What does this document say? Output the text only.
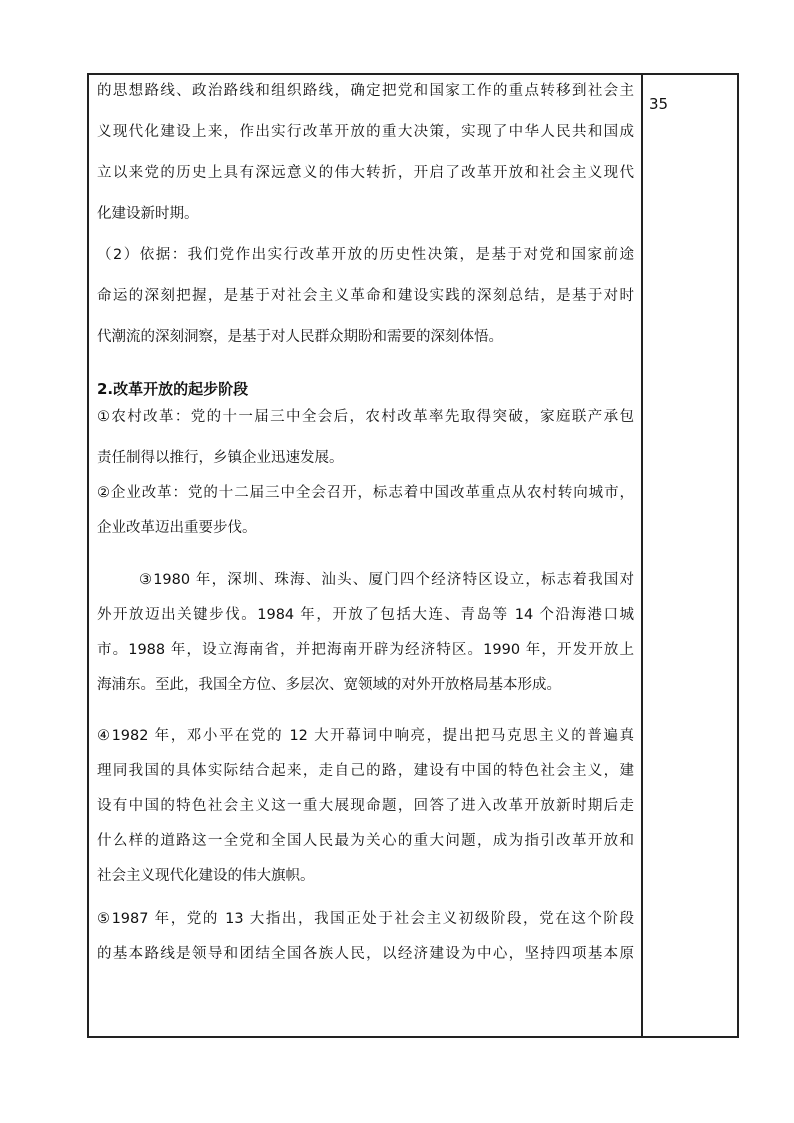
的思想路线、政治路线和组织路线，确定把党和国家工作的重点转移到社会主
义现代化建设上来，作出实行改革开放的重大决策，实现了中华人民共和国成
立以来党的历史上具有深远意义的伟大转折，开启了改革开放和社会主义现代
化建设新时期。
（2）依据：我们党作出实行改革开放的历史性决策，是基于对党和国家前途
命运的深刻把握，是基于对社会主义革命和建设实践的深刻总结，是基于对时
代潮流的深刻洞察，是基于对人民群众期盼和需要的深刻体悟。
2.改革开放的起步阶段
①农村改革：党的十一届三中全会后，农村改革率先取得突破，家庭联产承包
责任制得以推行，乡镇企业迅速发展。
②企业改革：党的十二届三中全会召开，标志着中国改革重点从农村转向城市，
企业改革迈出重要步伐。
③1980 年，深圳、珠海、汕头、厦门四个经济特区设立，标志着我国对
外开放迈出关键步伐。1984 年，开放了包括大连、青岛等 14 个沿海港口城
市。1988 年，设立海南省，并把海南开辟为经济特区。1990 年，开发开放上
海浦东。至此，我国全方位、多层次、宽领域的对外开放格局基本形成。
④1982 年，邓小平在党的 12 大开幕词中响亮，提出把马克思主义的普遍真
理同我国的具体实际结合起来，走自己的路，建设有中国的特色社会主义，建
设有中国的特色社会主义这一重大展现命题，回答了进入改革开放新时期后走
什么样的道路这一全党和全国人民最为关心的重大问题，成为指引改革开放和
社会主义现代化建设的伟大旗帜。
⑤1987 年，党的 13 大指出，我国正处于社会主义初级阶段，党在这个阶段
的基本路线是领导和团结全国各族人民，以经济建设为中心，坚持四项基本原
35
